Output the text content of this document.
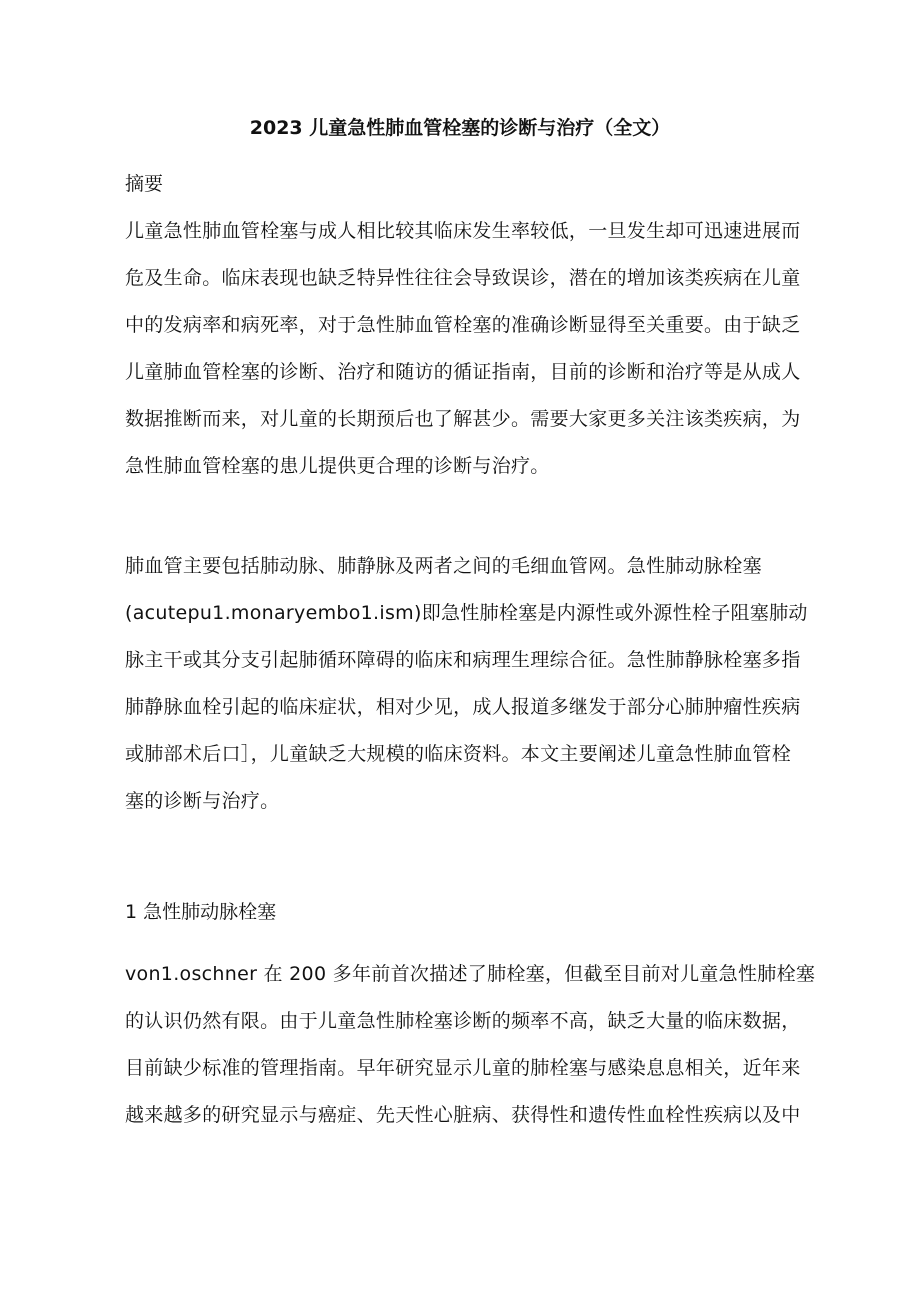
2023 儿童急性肺血管栓塞的诊断与治疗（全文）
摘要
儿童急性肺血管栓塞与成人相比较其临床发生率较低，一旦发生却可迅速进展而
危及生命。临床表现也缺乏特异性往往会导致误诊，潜在的增加该类疾病在儿童
中的发病率和病死率，对于急性肺血管栓塞的准确诊断显得至关重要。由于缺乏
儿童肺血管栓塞的诊断、治疗和随访的循证指南，目前的诊断和治疗等是从成人
数据推断而来，对儿童的长期预后也了解甚少。需要大家更多关注该类疾病，为
急性肺血管栓塞的患儿提供更合理的诊断与治疗。
肺血管主要包括肺动脉、肺静脉及两者之间的毛细血管网。急性肺动脉栓塞
(acutepu1.monaryembo1.ism)即急性肺栓塞是内源性或外源性栓子阻塞肺动
脉主干或其分支引起肺循环障碍的临床和病理生理综合征。急性肺静脉栓塞多指
肺静脉血栓引起的临床症状，相对少见，成人报道多继发于部分心肺肿瘤性疾病
或肺部术后口］，儿童缺乏大规模的临床资料。本文主要阐述儿童急性肺血管栓
塞的诊断与治疗。
1 急性肺动脉栓塞
von1.oschner 在 200 多年前首次描述了肺栓塞，但截至目前对儿童急性肺栓塞
的认识仍然有限。由于儿童急性肺栓塞诊断的频率不高，缺乏大量的临床数据，
目前缺少标准的管理指南。早年研究显示儿童的肺栓塞与感染息息相关，近年来
越来越多的研究显示与癌症、先天性心脏病、获得性和遗传性血栓性疾病以及中
